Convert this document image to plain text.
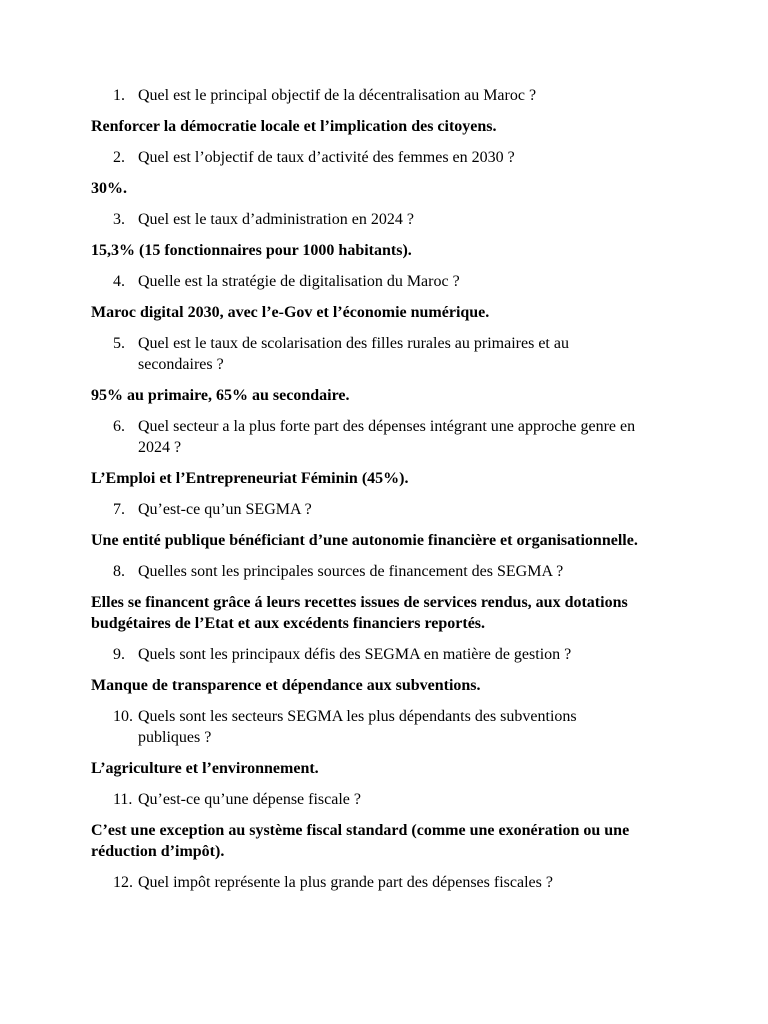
1. Quel est le principal objectif de la décentralisation au Maroc ?

Renforcer la démocratie locale et l’implication des citoyens.

2. Quel est l’objectif de taux d’activité des femmes en 2030 ?

30%.

3. Quel est le taux d’administration en 2024 ?

15,3% (15 fonctionnaires pour 1000 habitants).

4. Quelle est la stratégie de digitalisation du Maroc ?

Maroc digital 2030, avec l’e-Gov et l’économie numérique.

5. Quel est le taux de scolarisation des filles rurales au primaires et au secondaires ?

95% au primaire, 65% au secondaire.

6. Quel secteur a la plus forte part des dépenses intégrant une approche genre en 2024 ?

L’Emploi et l’Entrepreneuriat Féminin (45%).

7. Qu’est-ce qu’un SEGMA ?

Une entité publique bénéficiant d’une autonomie financière et organisationnelle.

8. Quelles sont les principales sources de financement des SEGMA ?

Elles se financent grâce á leurs recettes issues de services rendus, aux dotations budgétaires de l’Etat et aux excédents financiers reportés.

9. Quels sont les principaux défis des SEGMA en matière de gestion ?

Manque de transparence et dépendance aux subventions.

10. Quels sont les secteurs SEGMA les plus dépendants des subventions publiques ?

L’agriculture et l’environnement.

11. Qu’est-ce qu’une dépense fiscale ?

C’est une exception au système fiscal standard (comme une exonération ou une réduction d’impôt).

12. Quel impôt représente la plus grande part des dépenses fiscales ?
